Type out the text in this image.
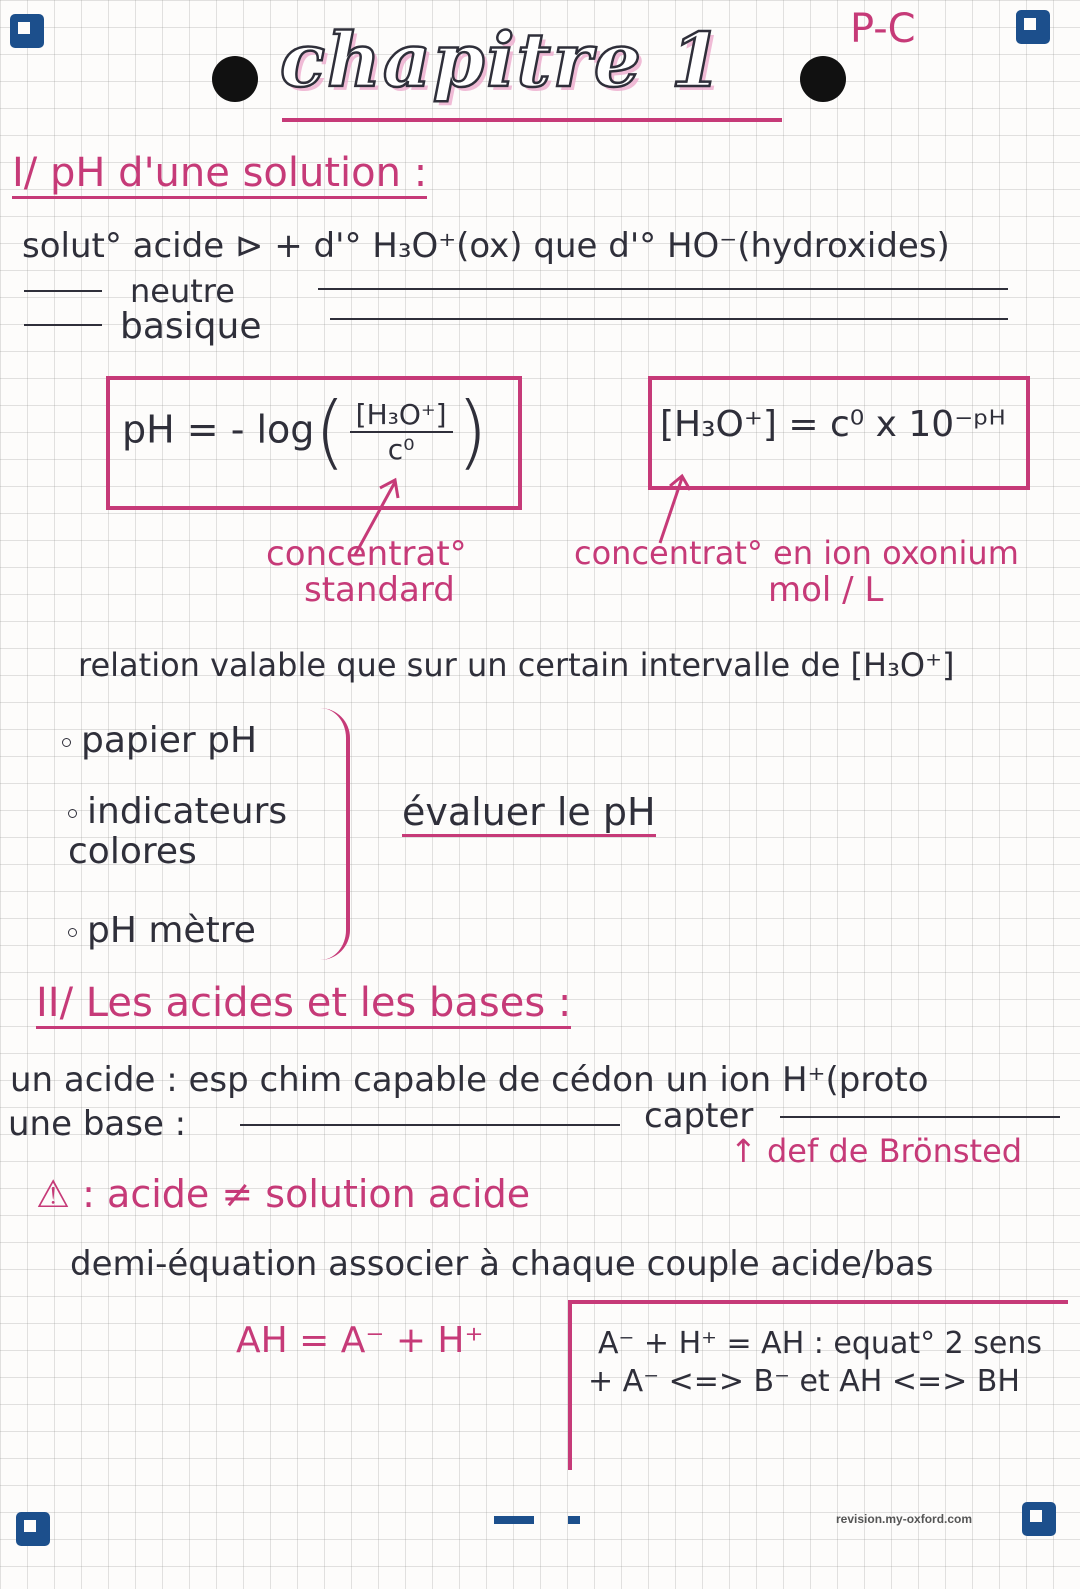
chapitre 1	P-C
I/ pH d'une solution :
solut° acide ⊳ + d'° H₃O⁺(ox) que d'° HO⁻(hydroxides)
neutre
basique
pH = - $\log( \frac{\text{[H₃O⁺]}}{\text{c⁰}}$ )	[H₃O⁺] = c⁰ x 10⁻ᵖᴴ
concentrat°
standard
concentrat° en ion oxonium
mol / L
relation valable que sur un certain intervalle de [H₃O⁺]
papier pH
indicateurs colores
pH mètre
évaluer le pH
II/ Les acides et les bases :
un acide : esp chim capable de cédon un ion H⁺(proto
une base :	capter
↑ def de Brönsted
⚠ : acide ≠ solution acide
demi-équation associer à chaque couple acide/bas
AH = A⁻ + H⁺	A⁻ + H⁺ = AH : equat° 2 sens
+ A⁻ <=> B⁻ et AH <=> BH
revision.my-oxford.com
